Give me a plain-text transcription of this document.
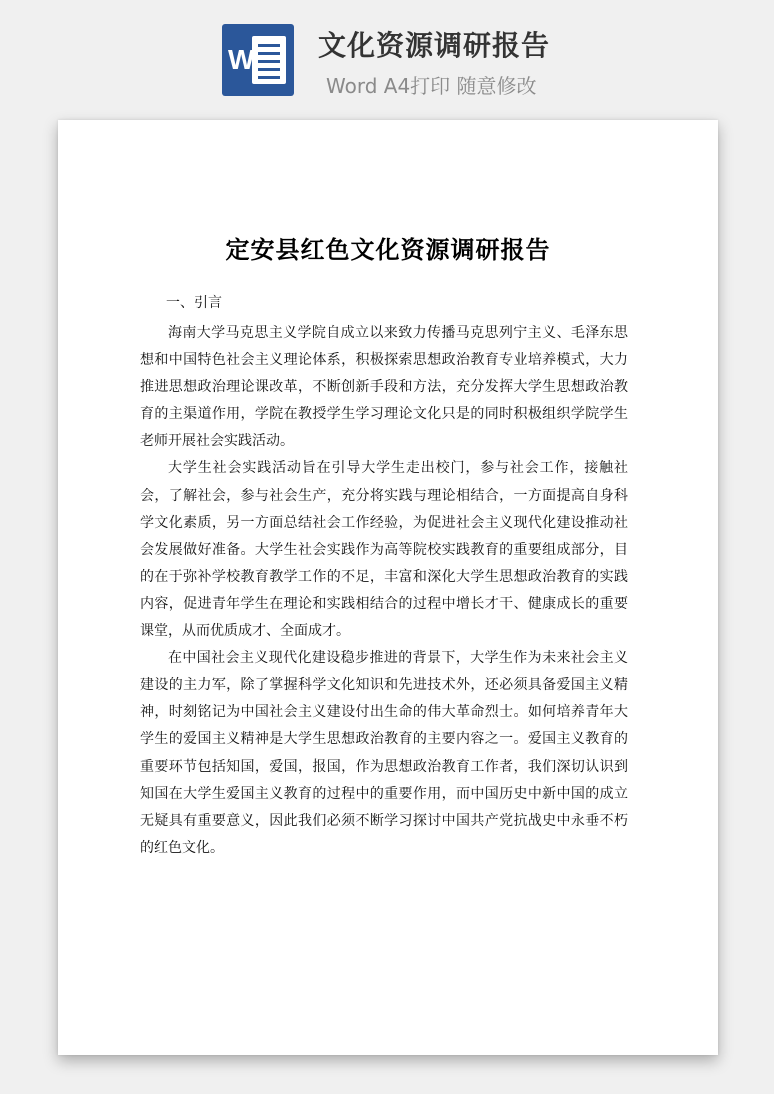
W 文化资源调研报告
Word A4打印 随意修改
定安县红色文化资源调研报告
一、引言

海南大学马克思主义学院自成立以来致力传播马克思列宁主义、毛泽东思想和中国特色社会主义理论体系，积极探索思想政治教育专业培养模式，大力推进思想政治理论课改革，不断创新手段和方法，充分发挥大学生思想政治教育的主渠道作用，学院在教授学生学习理论文化只是的同时积极组织学院学生老师开展社会实践活动。

大学生社会实践活动旨在引导大学生走出校门，参与社会工作，接触社会，了解社会，参与社会生产，充分将实践与理论相结合，一方面提高自身科学文化素质，另一方面总结社会工作经验，为促进社会主义现代化建设推动社会发展做好准备。大学生社会实践作为高等院校实践教育的重要组成部分，目的在于弥补学校教育教学工作的不足，丰富和深化大学生思想政治教育的实践内容，促进青年学生在理论和实践相结合的过程中增长才干、健康成长的重要课堂，从而优质成才、全面成才。

在中国社会主义现代化建设稳步推进的背景下，大学生作为未来社会主义建设的主力军，除了掌握科学文化知识和先进技术外，还必须具备爱国主义精神，时刻铭记为中国社会主义建设付出生命的伟大革命烈士。如何培养青年大学生的爱国主义精神是大学生思想政治教育的主要内容之一。爱国主义教育的重要环节包括知国，爱国，报国，作为思想政治教育工作者，我们深切认识到知国在大学生爱国主义教育的过程中的重要作用，而中国历史中新中国的成立无疑具有重要意义，因此我们必须不断学习探讨中国共产党抗战史中永垂不朽的红色文化。
